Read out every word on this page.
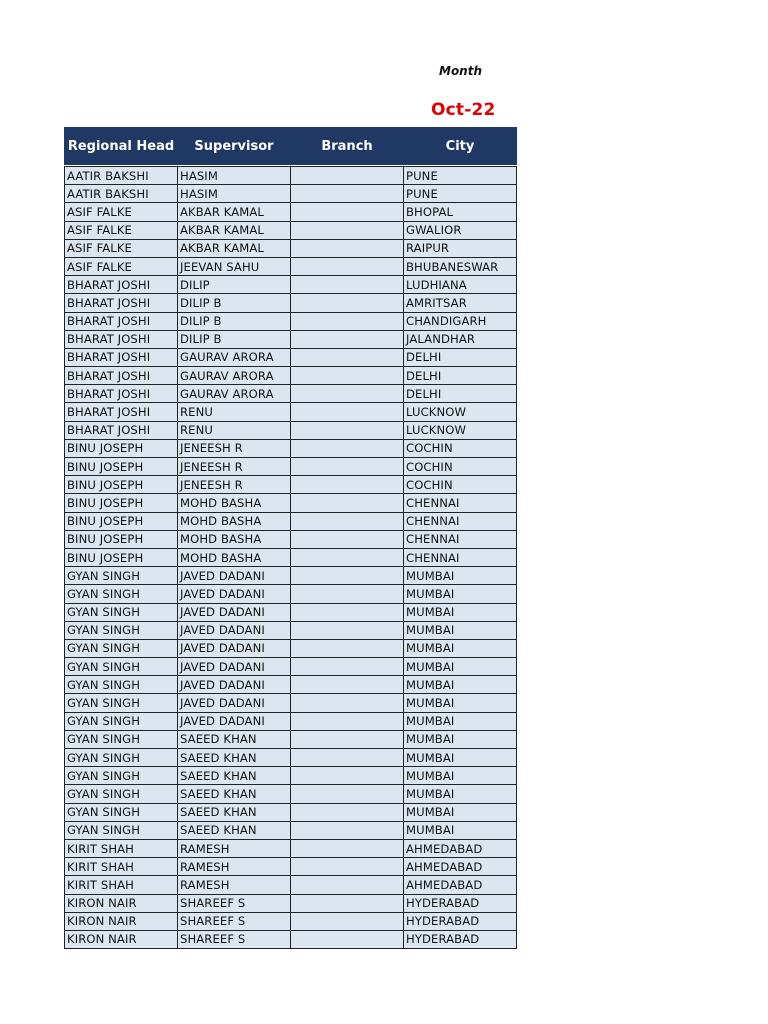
Month
Oct-22
Regional Head	Supervisor	Branch	City

AATIR BAKSHI	HASIM		PUNE
AATIR BAKSHI	HASIM		PUNE
ASIF FALKE	AKBAR KAMAL		BHOPAL
ASIF FALKE	AKBAR KAMAL		GWALIOR
ASIF FALKE	AKBAR KAMAL		RAIPUR
ASIF FALKE	JEEVAN SAHU		BHUBANESWAR
BHARAT JOSHI	DILIP		LUDHIANA
BHARAT JOSHI	DILIP B		AMRITSAR
BHARAT JOSHI	DILIP B		CHANDIGARH
BHARAT JOSHI	DILIP B		JALANDHAR
BHARAT JOSHI	GAURAV ARORA		DELHI
BHARAT JOSHI	GAURAV ARORA		DELHI
BHARAT JOSHI	GAURAV ARORA		DELHI
BHARAT JOSHI	RENU		LUCKNOW
BHARAT JOSHI	RENU		LUCKNOW
BINU JOSEPH	JENEESH R		COCHIN
BINU JOSEPH	JENEESH R		COCHIN
BINU JOSEPH	JENEESH R		COCHIN
BINU JOSEPH	MOHD BASHA		CHENNAI
BINU JOSEPH	MOHD BASHA		CHENNAI
BINU JOSEPH	MOHD BASHA		CHENNAI
BINU JOSEPH	MOHD BASHA		CHENNAI
GYAN SINGH	JAVED DADANI		MUMBAI
GYAN SINGH	JAVED DADANI		MUMBAI
GYAN SINGH	JAVED DADANI		MUMBAI
GYAN SINGH	JAVED DADANI		MUMBAI
GYAN SINGH	JAVED DADANI		MUMBAI
GYAN SINGH	JAVED DADANI		MUMBAI
GYAN SINGH	JAVED DADANI		MUMBAI
GYAN SINGH	JAVED DADANI		MUMBAI
GYAN SINGH	JAVED DADANI		MUMBAI
GYAN SINGH	SAEED KHAN		MUMBAI
GYAN SINGH	SAEED KHAN		MUMBAI
GYAN SINGH	SAEED KHAN		MUMBAI
GYAN SINGH	SAEED KHAN		MUMBAI
GYAN SINGH	SAEED KHAN		MUMBAI
GYAN SINGH	SAEED KHAN		MUMBAI
KIRIT SHAH	RAMESH		AHMEDABAD
KIRIT SHAH	RAMESH		AHMEDABAD
KIRIT SHAH	RAMESH		AHMEDABAD
KIRON NAIR	SHAREEF S		HYDERABAD
KIRON NAIR	SHAREEF S		HYDERABAD
KIRON NAIR	SHAREEF S		HYDERABAD
